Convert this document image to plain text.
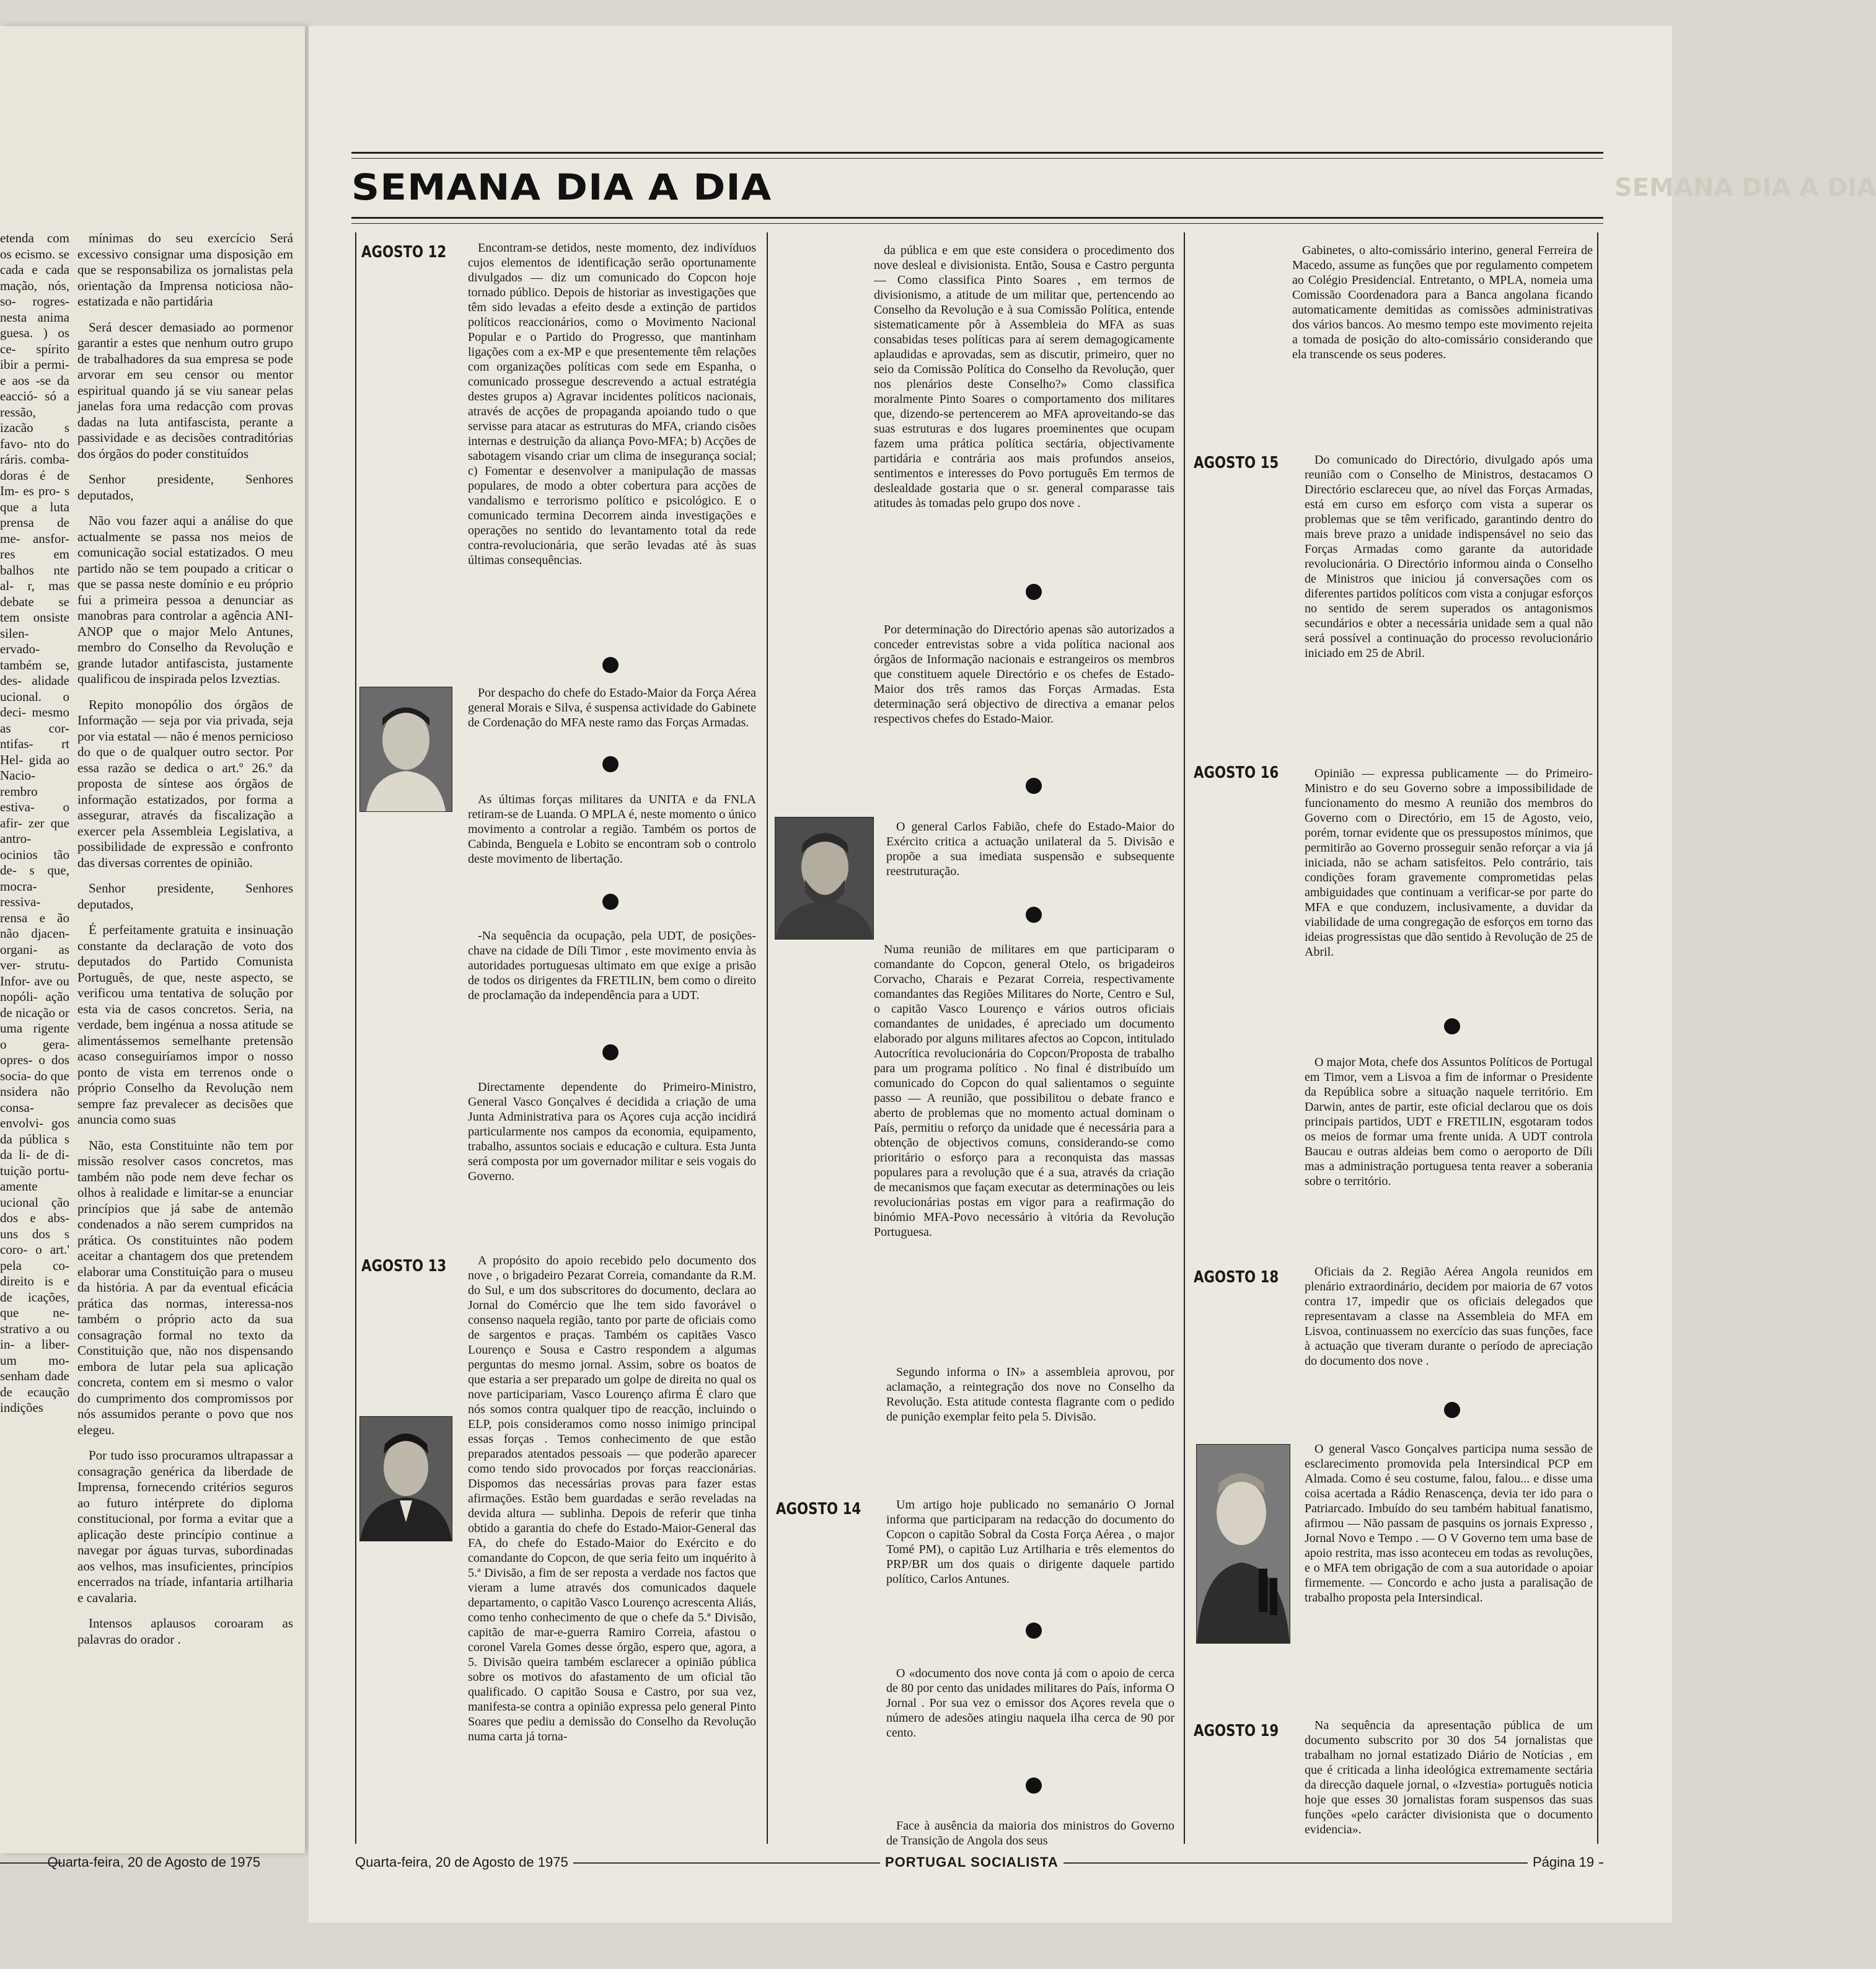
etenda com os ecismo. se cada e cada mação, nós, so- rogres- nesta anima guesa. ) os ce- spírito ibir a permi- e aos -se da eacció- só a ressão, izacão s favo- nto do ráris. comba- doras é de Im- es pro- s que a luta prensa de me- ansfor- res em balhos nte al- r, mas debate se tem onsiste silen- ervado- também se, des- alidade ucional. o deci- mesmo as cor- ntifas- rt Hel- gida ao Nacio- rembro estiva- o afir- zer que antro- ocinios tão de- s que, mocra- ressiva- rensa e ão não djacen- organi- as ver- strutu- Infor- ave ou nopóli- ação de nicação or uma rigente o gera- opres- o dos socia- do que nsidera não consa- envolvi- gos da pública s da li- de di- tuição portu- amente ucional ção dos e abs- uns dos s coro- o art.' pela co- direito is e de icações, que ne- strativo a ou in- a liber- um mo- senham dade de ecaução indições

mínimas do seu exercício Será excessivo consignar uma disposição em que se responsabiliza os jornalistas pela orientação da Imprensa noticiosa não-estatizada e não partidária

Será descer demasiado ao pormenor garantir a estes que nenhum outro grupo de trabalhadores da sua empresa se pode arvorar em seu censor ou mentor espiritual quando já se viu sanear pelas janelas fora uma redacção com provas dadas na luta antifascista, perante a passividade e as decisões contraditórias dos órgãos do poder constituídos

Senhor presidente, Senhores deputados,

Não vou fazer aqui a análise do que actualmente se passa nos meios de comunicação social estatizados. O meu partido não se tem poupado a criticar o que se passa neste domínio e eu próprio fui a primeira pessoa a denunciar as manobras para controlar a agência ANI-ANOP que o major Melo Antunes, membro do Conselho da Revolução e grande lutador antifascista, justamente qualificou de inspirada pelos Izveztias.

Repito monopólio dos órgãos de Informação — seja por via privada, seja por via estatal — não é menos pernicioso do que o de qualquer outro sector. Por essa razão se dedica o art.º 26.º da proposta de síntese aos órgãos de informação estatizados, por forma a assegurar, através da fiscalização a exercer pela Assembleia Legislativa, a possibilidade de expressão e confronto das diversas correntes de opinião.

Senhor presidente, Senhores deputados,

É perfeitamente gratuita e insinuação constante da declaração de voto dos deputados do Partido Comunista Português, de que, neste aspecto, se verificou uma tentativa de solução por esta via de casos concretos. Seria, na verdade, bem ingénua a nossa atitude se alimentássemos semelhante pretensão acaso conseguiríamos impor o nosso ponto de vista em terrenos onde o próprio Conselho da Revolução nem sempre faz prevalecer as decisões que anuncia como suas

Não, esta Constituinte não tem por missão resolver casos concretos, mas também não pode nem deve fechar os olhos à realidade e limitar-se a enunciar princípios que já sabe de antemão condenados a não serem cumpridos na prática. Os constituintes não podem aceitar a chantagem dos que pretendem elaborar uma Constituição para o museu da história. A par da eventual eficácia prática das normas, interessa-nos também o próprio acto da sua consagração formal no texto da Constituição que, não nos dispensando embora de lutar pela sua aplicação concreta, contem em si mesmo o valor do cumprimento dos compromissos por nós assumidos perante o povo que nos elegeu.

Por tudo isso procuramos ultrapassar a consagração genérica da liberdade de Imprensa, fornecendo critérios seguros ao futuro intérprete do diploma constitucional, por forma a evitar que a aplicação deste princípio continue a navegar por águas turvas, subordinadas aos velhos, mas insuficientes, princípios encerrados na tríade, infantaria artilharia e cavalaria.

Intensos aplausos coroaram as palavras do orador .

Quarta-feira, 20 de Agosto de 1975
SEMANA DIA A DIA	SEMANA DIA A DIA
AGOSTO 12	Encontram-se detidos, neste momento, dez indivíduos cujos elementos de identificação serão oportunamente divulgados — diz um comunicado do Copcon hoje tornado público. Depois de historiar as investigações que têm sido levadas a efeito desde a extinção de partidos políticos reaccionários, como o Movimento Nacional Popular e o Partido do Progresso, que mantinham ligações com a ex-MP e que presentemente têm relações com organizações políticas com sede em Espanha, o comunicado prossegue descrevendo a actual estratégia destes grupos a) Agravar incidentes políticos nacionais, através de acções de propaganda apoiando tudo o que servisse para atacar as estruturas do MFA, criando cisões internas e destruição da aliança Povo-MFA; b) Acções de sabotagem visando criar um clima de insegurança social; c) Fomentar e desenvolver a manipulação de massas populares, de modo a obter cobertura para acções de vandalismo e terrorismo político e psicológico. E o comunicado termina Decorrem ainda investigações e operações no sentido do levantamento total da rede contra-revolucionária, que serão levadas até às suas últimas consequências.

Por despacho do chefe do Estado-Maior da Força Aérea general Morais e Silva, é suspensa actividade do Gabinete de Cordenação do MFA neste ramo das Forças Armadas.

As últimas forças militares da UNITA e da FNLA retiram-se de Luanda. O MPLA é, neste momento o único movimento a controlar a região. Também os portos de Cabinda, Benguela e Lobito se encontram sob o controlo deste movimento de libertação.

-Na sequência da ocupação, pela UDT, de posições-chave na cidade de Díli Timor , este movimento envia às autoridades portuguesas ultimato em que exige a prisão de todos os dirigentes da FRETILIN, bem como o direito de proclamação da independência para a UDT.

Directamente dependente do Primeiro-Ministro, General Vasco Gonçalves é decidida a criação de uma Junta Administrativa para os Açores cuja acção incidirá particularmente nos campos da economia, equipamento, trabalho, assuntos sociais e educação e cultura. Esta Junta será composta por um governador militar e seis vogais do Governo.

AGOSTO 13	A propósito do apoio recebido pelo documento dos nove , o brigadeiro Pezarat Correia, comandante da R.M. do Sul, e um dos subscritores do documento, declara ao Jornal do Comércio que lhe tem sido favorável o consenso naquela região, tanto por parte de oficiais como de sargentos e praças. Também os capitães Vasco Lourenço e Sousa e Castro respondem a algumas perguntas do mesmo jornal. Assim, sobre os boatos de que estaria a ser preparado um golpe de direita no qual os nove participariam, Vasco Lourenço afirma É claro que nós somos contra qualquer tipo de reacção, incluindo o ELP, pois consideramos como nosso inimigo principal essas forças . Temos conhecimento de que estão preparados atentados pessoais — que poderão aparecer como tendo sido provocados por forças reaccionárias. Dispomos das necessárias provas para fazer estas afirmações. Estão bem guardadas e serão reveladas na devida altura — sublinha. Depois de referir que tinha obtido a garantia do chefe do Estado-Maior-General das FA, do chefe do Estado-Maior do Exército e do comandante do Copcon, de que seria feito um inquérito à 5.ª Divisão, a fim de ser reposta a verdade nos factos que vieram a lume através dos comunicados daquele departamento, o capitão Vasco Lourenço acrescenta Aliás, como tenho conhecimento de que o chefe da 5.ª Divisão, capitão de mar-e-guerra Ramiro Correia, afastou o coronel Varela Gomes desse órgão, espero que, agora, a 5. Divisão queira também esclarecer a opinião pública sobre os motivos do afastamento de um oficial tão qualificado. O capitão Sousa e Castro, por sua vez, manifesta-se contra a opinião expressa pelo general Pinto Soares que pediu a demissão do Conselho da Revolução numa carta já torna-

da pública e em que este considera o procedimento dos nove desleal e divisionista. Então, Sousa e Castro pergunta — Como classifica Pinto Soares , em termos de divisionismo, a atitude de um militar que, pertencendo ao Conselho da Revolução e à sua Comissão Política, entende sistematicamente pôr à Assembleia do MFA as suas consabidas teses políticas para aí serem demagogicamente aplaudidas e aprovadas, sem as discutir, primeiro, quer no seio da Comissão Política do Conselho da Revolução, quer nos plenários deste Conselho?» Como classifica moralmente Pinto Soares o comportamento dos militares que, dizendo-se pertencerem ao MFA aproveitando-se das suas estruturas e dos lugares proeminentes que ocupam fazem uma prática política sectária, objectivamente partidária e contrária aos mais profundos anseios, sentimentos e interesses do Povo português Em termos de deslealdade gostaria que o sr. general comparasse tais atitudes às tomadas pelo grupo dos nove .

Por determinação do Directório apenas são autorizados a conceder entrevistas sobre a vida política nacional aos órgãos de Informação nacionais e estrangeiros os membros que constituem aquele Directório e os chefes de Estado-Maior dos três ramos das Forças Armadas. Esta determinação será objectivo de directiva a emanar pelos respectivos chefes do Estado-Maior.

O general Carlos Fabião, chefe do Estado-Maior do Exército critica a actuação unilateral da 5. Divisão e propõe a sua imediata suspensão e subsequente reestruturação.

Numa reunião de militares em que participaram o comandante do Copcon, general Otelo, os brigadeiros Corvacho, Charais e Pezarat Correia, respectivamente comandantes das Regiões Militares do Norte, Centro e Sul, o capitão Vasco Lourenço e vários outros oficiais comandantes de unidades, é apreciado um documento elaborado por alguns militares afectos ao Copcon, intitulado Autocrítica revolucionária do Copcon/Proposta de trabalho para um programa político . No final é distribuído um comunicado do Copcon do qual salientamos o seguinte passo — A reunião, que possibilitou o debate franco e aberto de problemas que no momento actual dominam o País, permitiu o reforço da unidade que é necessária para a obtenção de objectivos comuns, considerando-se como prioritário o esforço para a reconquista das massas populares para a revolução que é a sua, através da criação de mecanismos que façam executar as determinações ou leis revolucionárias postas em vigor para a reafirmação do binómio MFA-Povo necessário à vitória da Revolução Portuguesa.

Segundo informa o IN» a assembleia aprovou, por aclamação, a reintegração dos nove no Conselho da Revolução. Esta atitude contesta flagrante com o pedido de punição exemplar feito pela 5. Divisão.

AGOSTO 14	Um artigo hoje publicado no semanário O Jornal informa que participaram na redacção do documento do Copcon o capitão Sobral da Costa Força Aérea , o major Tomé PM), o capitão Luz Artilharia e três elementos do PRP/BR um dos quais o dirigente daquele partido político, Carlos Antunes.

O «documento dos nove conta já com o apoio de cerca de 80 por cento das unidades militares do País, informa O Jornal . Por sua vez o emissor dos Açores revela que o número de adesões atingiu naquela ilha cerca de 90 por cento.

Face à ausência da maioria dos ministros do Governo de Transição de Angola dos seus

Gabinetes, o alto-comissário interino, general Ferreira de Macedo, assume as funções que por regulamento competem ao Colégio Presidencial. Entretanto, o MPLA, nomeia uma Comissão Coordenadora para a Banca angolana ficando automaticamente demitidas as comissões administrativas dos vários bancos. Ao mesmo tempo este movimento rejeita a tomada de posição do alto-comissário considerando que ela transcende os seus poderes.

AGOSTO 15	Do comunicado do Directório, divulgado após uma reunião com o Conselho de Ministros, destacamos O Directório esclareceu que, ao nível das Forças Armadas, está em curso em esforço com vista a superar os problemas que se têm verificado, garantindo dentro do mais breve prazo a unidade indispensável no seio das Forças Armadas como garante da autoridade revolucionária. O Directório informou ainda o Conselho de Ministros que iniciou já conversações com os diferentes partidos políticos com vista a conjugar esforços no sentido de serem superados os antagonismos secundários e obter a necessária unidade sem a qual não será possível a continuação do processo revolucionário iniciado em 25 de Abril.

AGOSTO 16	Opinião — expressa publicamente — do Primeiro-Ministro e do seu Governo sobre a impossibilidade de funcionamento do mesmo A reunião dos membros do Governo com o Directório, em 15 de Agosto, veio, porém, tornar evidente que os pressupostos mínimos, que permitirão ao Governo prosseguir senão reforçar a via já iniciada, não se acham satisfeitos. Pelo contrário, tais condições foram gravemente comprometidas pelas ambiguidades que continuam a verificar-se por parte do MFA e que conduzem, inclusivamente, a duvidar da viabilidade de uma congregação de esforços em torno das ideias progressistas que dão sentido à Revolução de 25 de Abril.

O major Mota, chefe dos Assuntos Políticos de Portugal em Timor, vem a Lisvoa a fim de informar o Presidente da República sobre a situação naquele território. Em Darwin, antes de partir, este oficial declarou que os dois principais partidos, UDT e FRETILIN, esgotaram todos os meios de formar uma frente unida. A UDT controla Baucau e outras aldeias bem como o aeroporto de Díli mas a administração portuguesa tenta reaver a soberania sobre o território.

AGOSTO 18	Oficiais da 2. Região Aérea Angola reunidos em plenário extraordinário, decidem por maioria de 67 votos contra 17, impedir que os oficiais delegados que representavam a classe na Assembleia do MFA em Lisvoa, continuassem no exercício das suas funções, face à actuação que tiveram durante o período de apreciação do documento dos nove .

O general Vasco Gonçalves participa numa sessão de esclarecimento promovida pela Intersindical PCP em Almada. Como é seu costume, falou, falou... e disse uma coisa acertada a Rádio Renascença, devia ter ido para o Patriarcado. Imbuído do seu também habitual fanatismo, afirmou — Não passam de pasquins os jornais Expresso , Jornal Novo e Tempo . — O V Governo tem uma base de apoio restrita, mas isso aconteceu em todas as revoluções, e o MFA tem obrigação de com a sua autoridade o apoiar firmemente. — Concordo e acho justa a paralisação de trabalho proposta pela Intersindical.

AGOSTO 19	Na sequência da apresentação pública de um documento subscrito por 30 dos 54 jornalistas que trabalham no jornal estatizado Diário de Notícias , em que é criticada a linha ideológica extremamente sectária da direcção daquele jornal, o «Izvestia» português noticia hoje que esses 30 jornalistas foram suspensos das suas funções «pelo carácter divisionista que o documento evidencia».

Quarta-feira, 20 de Agosto de 1975	PORTUGAL SOCIALISTA	Página 19
